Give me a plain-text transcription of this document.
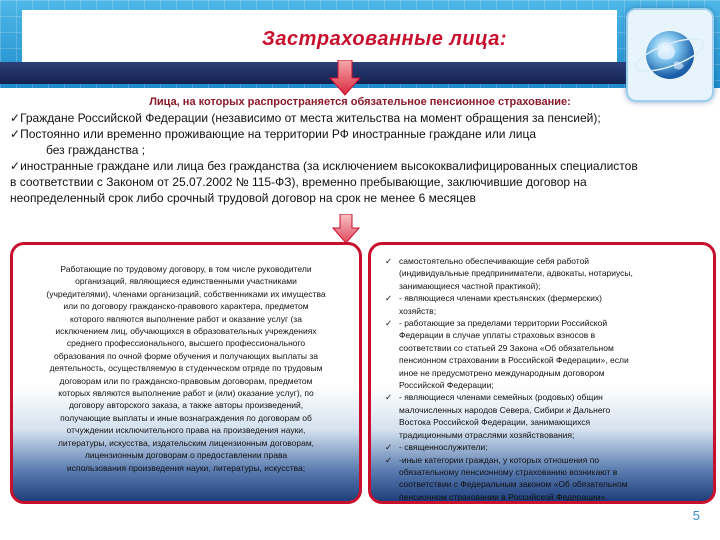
Застрахованные лица:
Лица, на которых распространяется обязательное пенсионное страхование:

✓Граждане Российской Федерации (независимо от места жительства на момент обращения за пенсией);

✓Постоянно или временно проживающие на территории РФ иностранные граждане или лица

без гражданства ;

✓иностранные граждане или лица без гражданства (за исключением высококвалифицированных специалистов

в соответствии с Законом от 25.07.2002 № 115-ФЗ), временно пребывающие, заключившие договор на

неопределенный срок либо срочный трудовой договор на срок не менее 6 месяцев

Работающие по трудовому договору, в том числе руководители
организаций, являющиеся единственными участниками
(учредителями), членами организаций, собственниками их имущества
или по договору гражданско-правового характера, предметом
которого являются выполнение работ и оказание услуг (за
исключением лиц, обучающихся в образовательных учреждениях
среднего профессионального, высшего профессионального
образования по очной форме обучения и получающих выплаты за
деятельность, осуществляемую в студенческом отряде по трудовым
договорам или по гражданско-правовым договорам, предметом
которых являются выполнение работ и (или) оказание услуг), по
договору авторского заказа, а также авторы произведений,
получающие выплаты и иные вознаграждения по договорам об
отчуждении исключительного права на произведения науки,
литературы, искусства, издательским лицензионным договорам,
лицензионным договорам о предоставлении права
использования произведения науки, литературы, искусства;
✓ самостоятельно обеспечивающие себя работой
(индивидуальные предприниматели, адвокаты, нотариусы,
занимающиеся частной практикой);
✓ - являющиеся членами крестьянских (фермерских)
хозяйств;
✓ - работающие за пределами территории Российской
Федерации в случае уплаты страховых взносов в
соответствии со статьей 29 Закона «Об обязательном
пенсионном страховании в Российской Федерации», если
иное не предусмотрено международным договором
Российской Федерации;
✓ - являющиеся членами семейных (родовых) общин
малочисленных народов Севера, Сибири и Дальнего
Востока Российской Федерации, занимающихся
традиционными отраслями хозяйствования;
✓ - священнослужители;
✓ -иные категории граждан, у которых отношения по
обязательному пенсионному страхованию возникают в
соответствии с Федеральным законом «Об обязательном
пенсионном страховании в Российской Федерации».
5
